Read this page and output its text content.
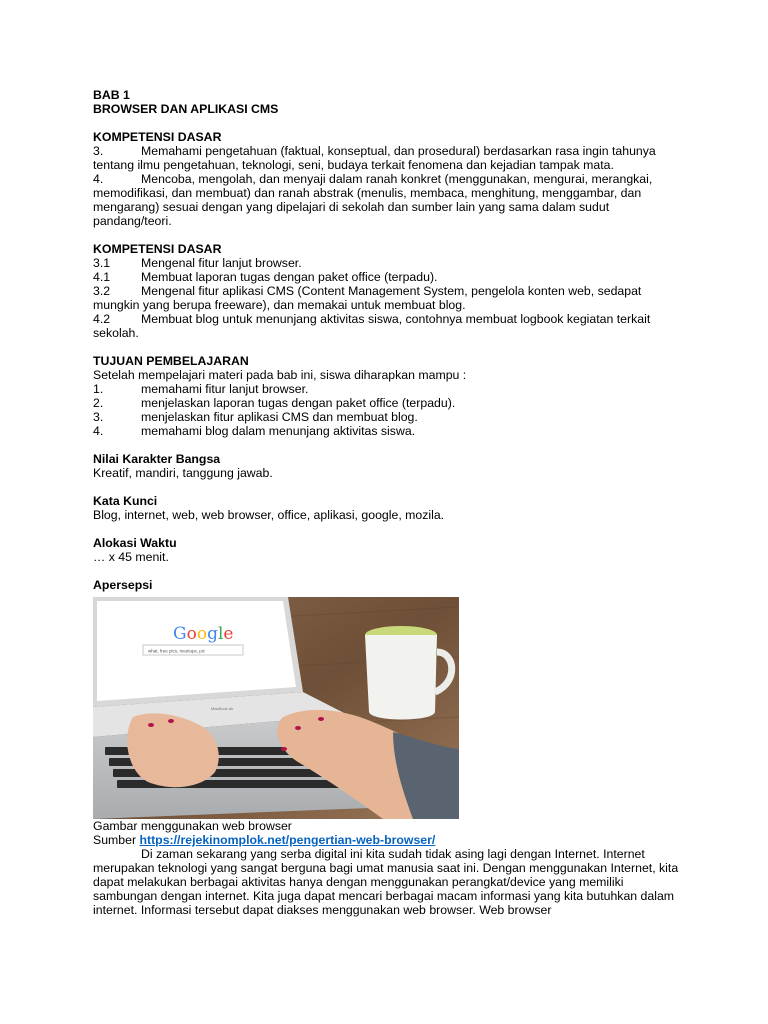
BAB 1
BROWSER DAN APLIKASI CMS
KOMPETENSI DASAR
3.	Memahami pengetahuan (faktual, konseptual, dan prosedural) berdasarkan rasa ingin tahunya tentang ilmu pengetahuan, teknologi, seni, budaya terkait fenomena dan kejadian tampak mata.
4.	Mencoba, mengolah, dan menyaji dalam ranah konkret (menggunakan, mengurai, merangkai, memodifikasi, dan membuat) dan ranah abstrak (menulis, membaca, menghitung, menggambar, dan mengarang) sesuai dengan yang dipelajari di sekolah dan sumber lain yang sama dalam sudut pandang/teori.
KOMPETENSI DASAR
3.1	Mengenal fitur lanjut browser.
4.1	Membuat laporan tugas dengan paket office (terpadu).
3.2	Mengenal fitur aplikasi CMS (Content Management System, pengelola konten web, sedapat mungkin yang berupa freeware), dan memakai untuk membuat blog.
4.2	Membuat blog untuk menunjang aktivitas siswa, contohnya membuat logbook kegiatan terkait sekolah.
TUJUAN PEMBELAJARAN
Setelah mempelajari materi pada bab ini, siswa diharapkan mampu :
1.	memahami fitur lanjut browser.
2.	menjelaskan laporan tugas dengan paket office (terpadu).
3.	menjelaskan fitur aplikasi CMS dan membuat blog.
4.	memahami blog dalam menunjang aktivitas siswa.
Nilai Karakter Bangsa
Kreatif, mandiri, tanggung jawab.
Kata Kunci
Blog, internet, web, web browser, office, aplikasi, google, mozila.
Alokasi Waktu
… x 45 menit.
Apersepsi
Google
what, free pics, meetups, pic
MacBook Air
Gambar menggunakan web browser
Sumber https://rejekinomplok.net/pengertian-web-browser/
Di zaman sekarang yang serba digital ini kita sudah tidak asing lagi dengan Internet. Internet merupakan teknologi yang sangat berguna bagi umat manusia saat ini. Dengan menggunakan Internet, kita dapat melakukan berbagai aktivitas hanya dengan menggunakan perangkat/device yang memiliki sambungan dengan internet. Kita juga dapat mencari berbagai macam informasi yang kita butuhkan dalam internet. Informasi tersebut dapat diakses menggunakan web browser. Web browser
